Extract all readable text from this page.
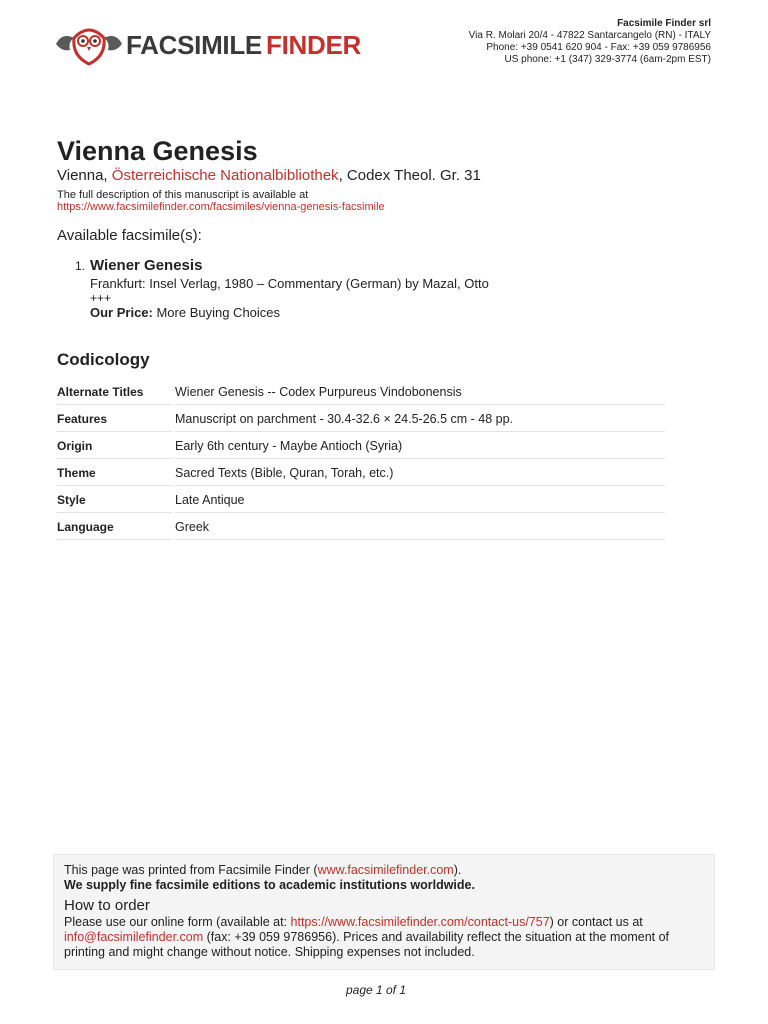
FACSIMILE FINDER
Facsimile Finder srl
Via R. Molari 20/4 - 47822 Santarcangelo (RN) - ITALY
Phone: +39 0541 620 904 - Fax: +39 059 9786956
US phone: +1 (347) 329-3774 (6am-2pm EST)
Vienna Genesis
Vienna, Österreichische Nationalbibliothek, Codex Theol. Gr. 31
The full description of this manuscript is available at
https://www.facsimilefinder.com/facsimiles/vienna-genesis-facsimile
Available facsimile(s):
1. Wiener Genesis
Frankfurt: Insel Verlag, 1980 – Commentary (German) by Mazal, Otto
+++
Our Price: More Buying Choices
Codicology
Alternate Titles	Wiener Genesis -- Codex Purpureus Vindobonensis
Features	Manuscript on parchment - 30.4-32.6 × 24.5-26.5 cm - 48 pp.
Origin	Early 6th century - Maybe Antioch (Syria)
Theme	Sacred Texts (Bible, Quran, Torah, etc.)
Style	Late Antique
Language	Greek
This page was printed from Facsimile Finder (www.facsimilefinder.com).
We supply fine facsimile editions to academic institutions worldwide.
How to order
Please use our online form (available at: https://www.facsimilefinder.com/contact-us/757) or contact us at
info@facsimilefinder.com (fax: +39 059 9786956). Prices and availability reflect the situation at the moment of printing and might change without notice. Shipping expenses not included.
page 1 of 1
